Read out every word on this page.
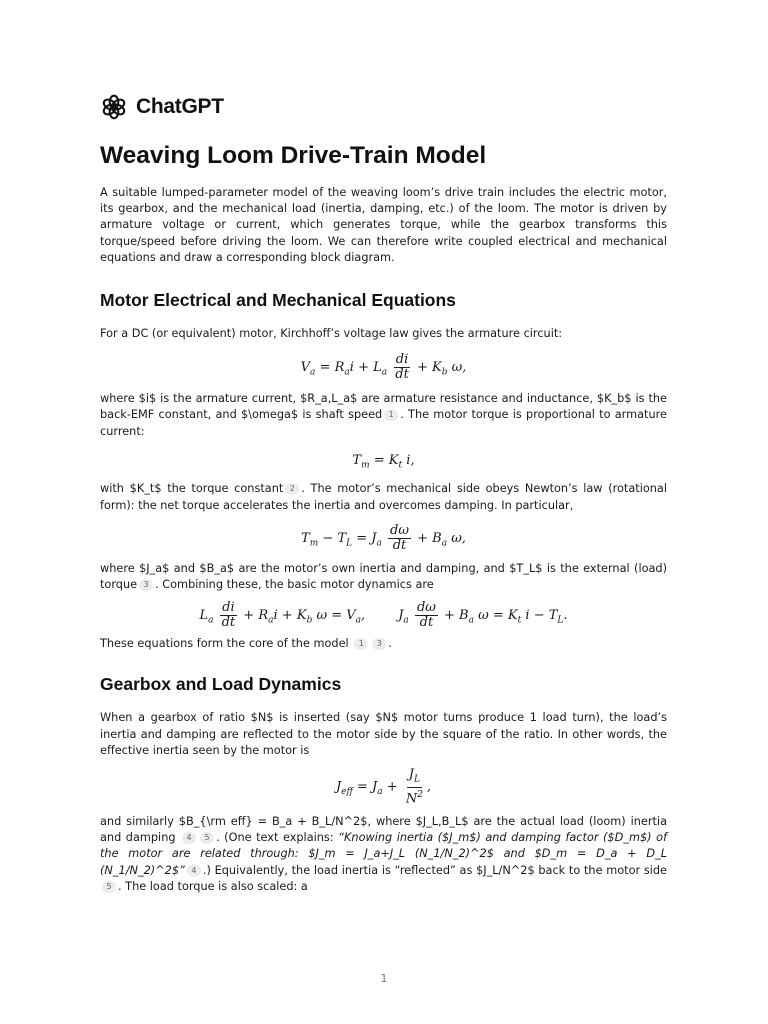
ChatGPT
Weaving Loom Drive-Train Model

A suitable lumped-parameter model of the weaving loom’s drive train includes the electric motor, its gearbox, and the mechanical load (inertia, damping, etc.) of the loom. The motor is driven by armature voltage or current, which generates torque, while the gearbox transforms this torque/speed before driving the loom. We can therefore write coupled electrical and mechanical equations and draw a corresponding block diagram.

Motor Electrical and Mechanical Equations

For a DC (or equivalent) motor, Kirchhoff’s voltage law gives the armature circuit:

$V_a = R_ai + L_a \frac{di}{dt} + K_b$ ω,

where $i$ is the armature current, $R_a,L_a$ are armature resistance and inductance, $K_b$ is the back-EMF constant, and $\omega$ is shaft speed 1 . The motor torque is proportional to armature current:

$T_m = K_t$ i,

with $K_t$ the torque constant 2 . The motor’s mechanical side obeys Newton’s law (rotational form): the net torque accelerates the inertia and overcomes damping. In particular,

$T_m - T_L = J_a \frac{d\omega}{dt} + B_a$ ω,

where $J_a$ and $B_a$ are the motor’s own inertia and damping, and $T_L$ is the external (load) torque 3 . Combining these, the basic motor dynamics are

$L_a \frac{di}{dt} + R_ai + K_b$ $\omega = V_a$,        $J_a \frac{d\omega}{dt} + B_a$ $\omega = K_t$ $i - T_L$.

These equations form the core of the model 1 3 .

Gearbox and Load Dynamics

When a gearbox of ratio $N$ is inserted (say $N$ motor turns produce 1 load turn), the load’s inertia and damping are reflected to the motor side by the square of the ratio. In other words, the effective inertia seen by the motor is

$J_{eff} = J_a + \frac{J_L}{N^2}$ ,

and similarly $B_{\rm eff} = B_a + B_L/N^2$, where $J_L,B_L$ are the actual load (loom) inertia and damping 4 5 . (One text explains: “Knowing inertia ($J_m$) and damping factor ($D_m$) of the motor are related through: $J_m = J_a+J_L (N_1/N_2)^2$ and $D_m = D_a + D_L (N_1/N_2)^2$” 4 .) Equivalently, the load inertia is “reflected” as $J_L/N^2$ back to the motor side5 . The load torque is also scaled: a

1
